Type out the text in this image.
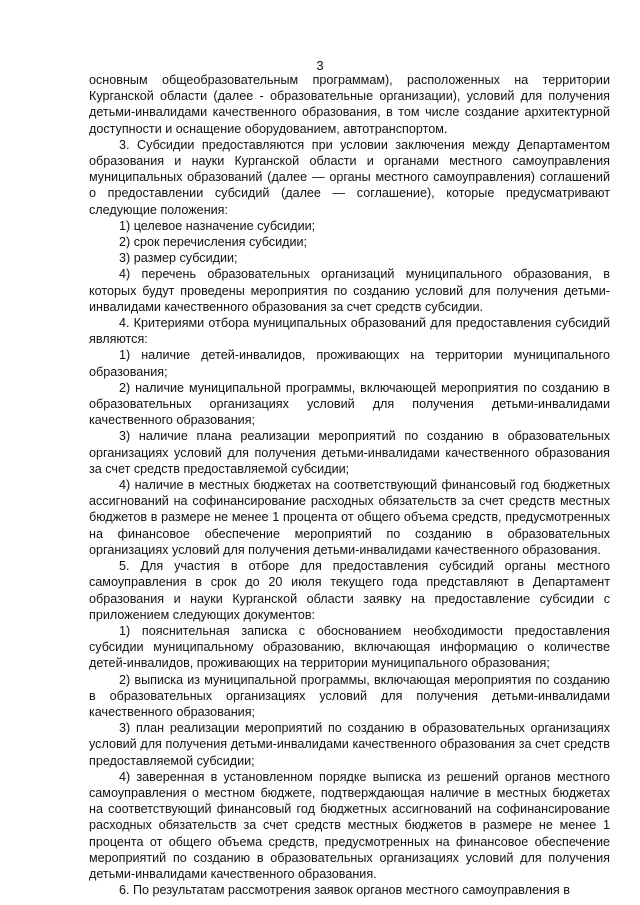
3

основным общеобразовательным программам), расположенных на территории Курганской области (далее - образовательные организации), условий для получения детьми-инвалидами качественного образования, в том числе создание архитектурной доступности и оснащение оборудованием, автотранспортом.

3. Субсидии предоставляются при условии заключения между Департаментом образования и науки Курганской области и органами местного самоуправления муниципальных образований (далее — органы местного самоуправления) соглашений о предоставлении субсидий (далее — соглашение), которые предусматривают следующие положения:

1) целевое назначение субсидии;

2) срок перечисления субсидии;

3) размер субсидии;

4) перечень образовательных организаций муниципального образования, в которых будут проведены мероприятия по созданию условий для получения детьми-инвалидами качественного образования за счет средств субсидии.

4. Критериями отбора муниципальных образований для предоставления субсидий являются:

1) наличие детей-инвалидов, проживающих на территории муниципального образования;

2) наличие муниципальной программы, включающей мероприятия по созданию в образовательных организациях условий для получения детьми-инвалидами качественного образования;

3) наличие плана реализации мероприятий по созданию в образовательных организациях условий для получения детьми-инвалидами качественного образования за счет средств предоставляемой субсидии;

4) наличие в местных бюджетах на соответствующий финансовый год бюджетных ассигнований на софинансирование расходных обязательств за счет средств местных бюджетов в размере не менее 1 процента от общего объема средств, предусмотренных на финансовое обеспечение мероприятий по созданию в образовательных организациях условий для получения детьми-инвалидами качественного образования.

5. Для участия в отборе для предоставления субсидий органы местного самоуправления в срок до 20 июля текущего года представляют в Департамент образования и науки Курганской области заявку на предоставление субсидии с приложением следующих документов:

1) пояснительная записка с обоснованием необходимости предоставления субсидии муниципальному образованию, включающая информацию о количестве детей-инвалидов, проживающих на территории муниципального образования;

2) выписка из муниципальной программы, включающая мероприятия по созданию в образовательных организациях условий для получения детьми-инвалидами качественного образования;

3) план реализации мероприятий по созданию в образовательных организациях условий для получения детьми-инвалидами качественного образования за счет средств предоставляемой субсидии;

4) заверенная в установленном порядке выписка из решений органов местного самоуправления о местном бюджете, подтверждающая наличие в местных бюджетах на соответствующий финансовый год бюджетных ассигнований на софинансирование расходных обязательств за счет средств местных бюджетов в размере не менее 1 процента от общего объема средств, предусмотренных на финансовое обеспечение мероприятий по созданию в образовательных организациях условий для получения детьми-инвалидами качественного образования.

6. По результатам рассмотрения заявок органов местного самоуправления в
